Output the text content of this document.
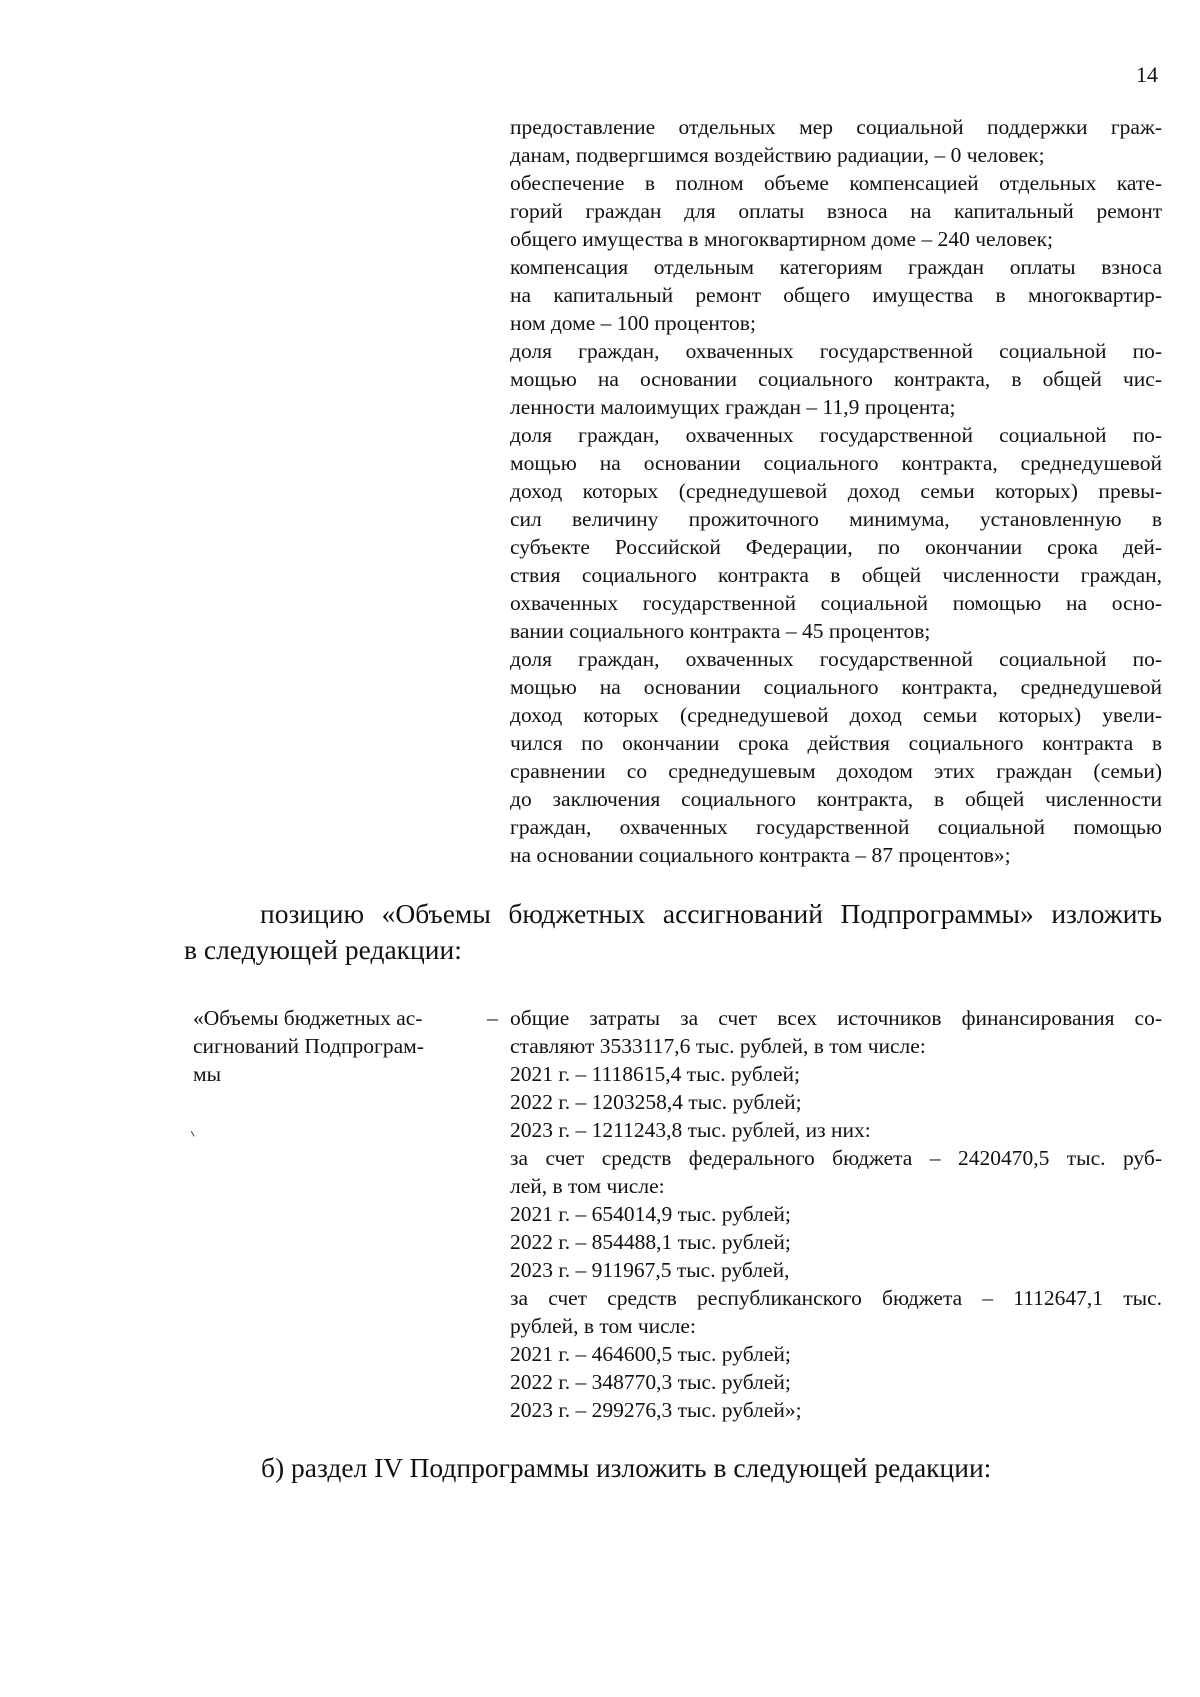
14
предоставление отдельных мер социальной поддержки граж-
данам, подвергшимся воздействию радиации, – 0 человек;
обеспечение в полном объеме компенсацией отдельных кате-
горий граждан для оплаты взноса на капитальный ремонт
общего имущества в многоквартирном доме – 240 человек;
компенсация отдельным категориям граждан оплаты взноса
на капитальный ремонт общего имущества в многоквартир-
ном доме – 100 процентов;
доля граждан, охваченных государственной социальной по-
мощью на основании социального контракта, в общей чис-
ленности малоимущих граждан – 11,9 процента;
доля граждан, охваченных государственной социальной по-
мощью на основании социального контракта, среднедушевой
доход которых (среднедушевой доход семьи которых) превы-
сил величину прожиточного минимума, установленную в
субъекте Российской Федерации, по окончании срока дей-
ствия социального контракта в общей численности граждан,
охваченных государственной социальной помощью на осно-
вании социального контракта – 45 процентов;
доля граждан, охваченных государственной социальной по-
мощью на основании социального контракта, среднедушевой
доход которых (среднедушевой доход семьи которых) увели-
чился по окончании срока действия социального контракта в
сравнении со среднедушевым доходом этих граждан (семьи)
до заключения социального контракта, в общей численности
граждан, охваченных государственной социальной помощью
на основании социального контракта – 87 процентов»;
позицию «Объемы бюджетных ассигнований Подпрограммы» изложить
в следующей редакции:
«Объемы бюджетных ас-
сигнований Подпрограм-
мы
– общие затраты за счет всех источников финансирования со-
ставляют 3533117,6 тыс. рублей, в том числе:
2021 г. – 1118615,4 тыс. рублей;
2022 г. – 1203258,4 тыс. рублей;
2023 г. – 1211243,8 тыс. рублей, из них:
за счет средств федерального бюджета – 2420470,5 тыс. руб-
лей, в том числе:
2021 г. – 654014,9 тыс. рублей;
2022 г. – 854488,1 тыс. рублей;
2023 г. – 911967,5 тыс. рублей,
за счет средств республиканского бюджета – 1112647,1 тыс.
рублей, в том числе:
2021 г. – 464600,5 тыс. рублей;
2022 г. – 348770,3 тыс. рублей;
2023 г. – 299276,3 тыс. рублей»;
б) раздел IV Подпрограммы изложить в следующей редакции:
